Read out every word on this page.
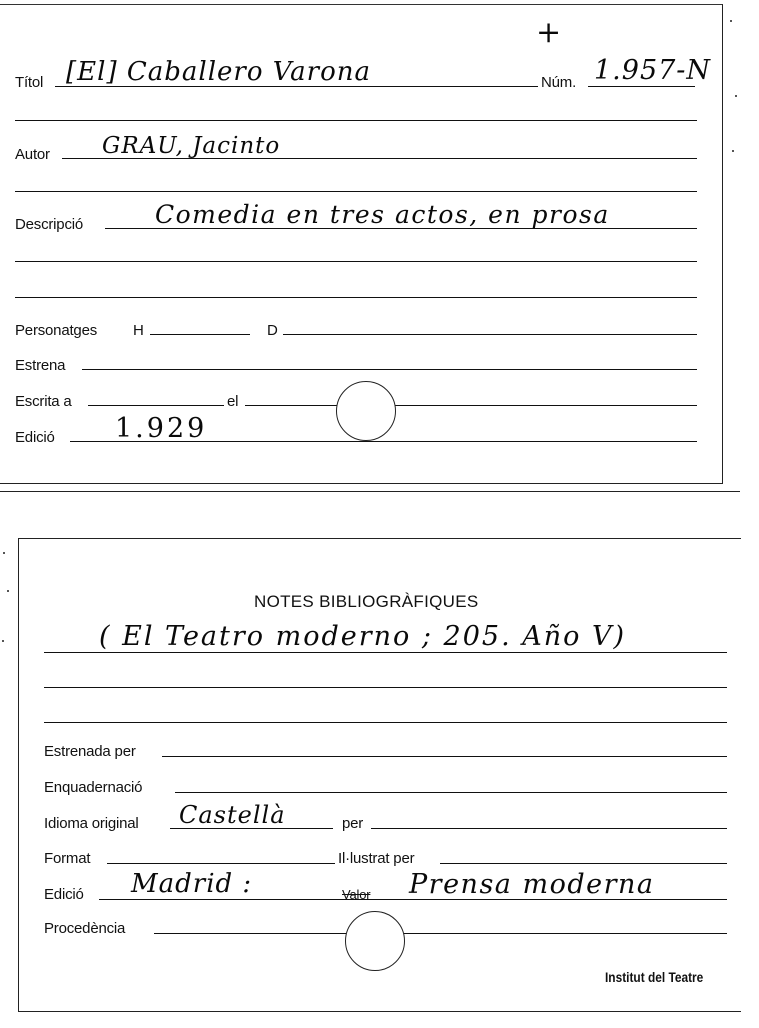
+
Títol [El] Caballero Varona	Núm. 1.957-N
Autor GRAU, Jacinto
Descripció	Comedia en tres actos, en prosa
Personatges H	D
Estrena
Escrita a	el
Edició 1.929
NOTES BIBLIOGRÀFIQUES
( El Teatro moderno ; 205. Año V)
Estrenada per
Enquadernació
Idioma original Castellà	per
Format	Il·lustrat per
Edició Madrid :	Valor Prensa moderna
Procedència
Institut del Teatre
